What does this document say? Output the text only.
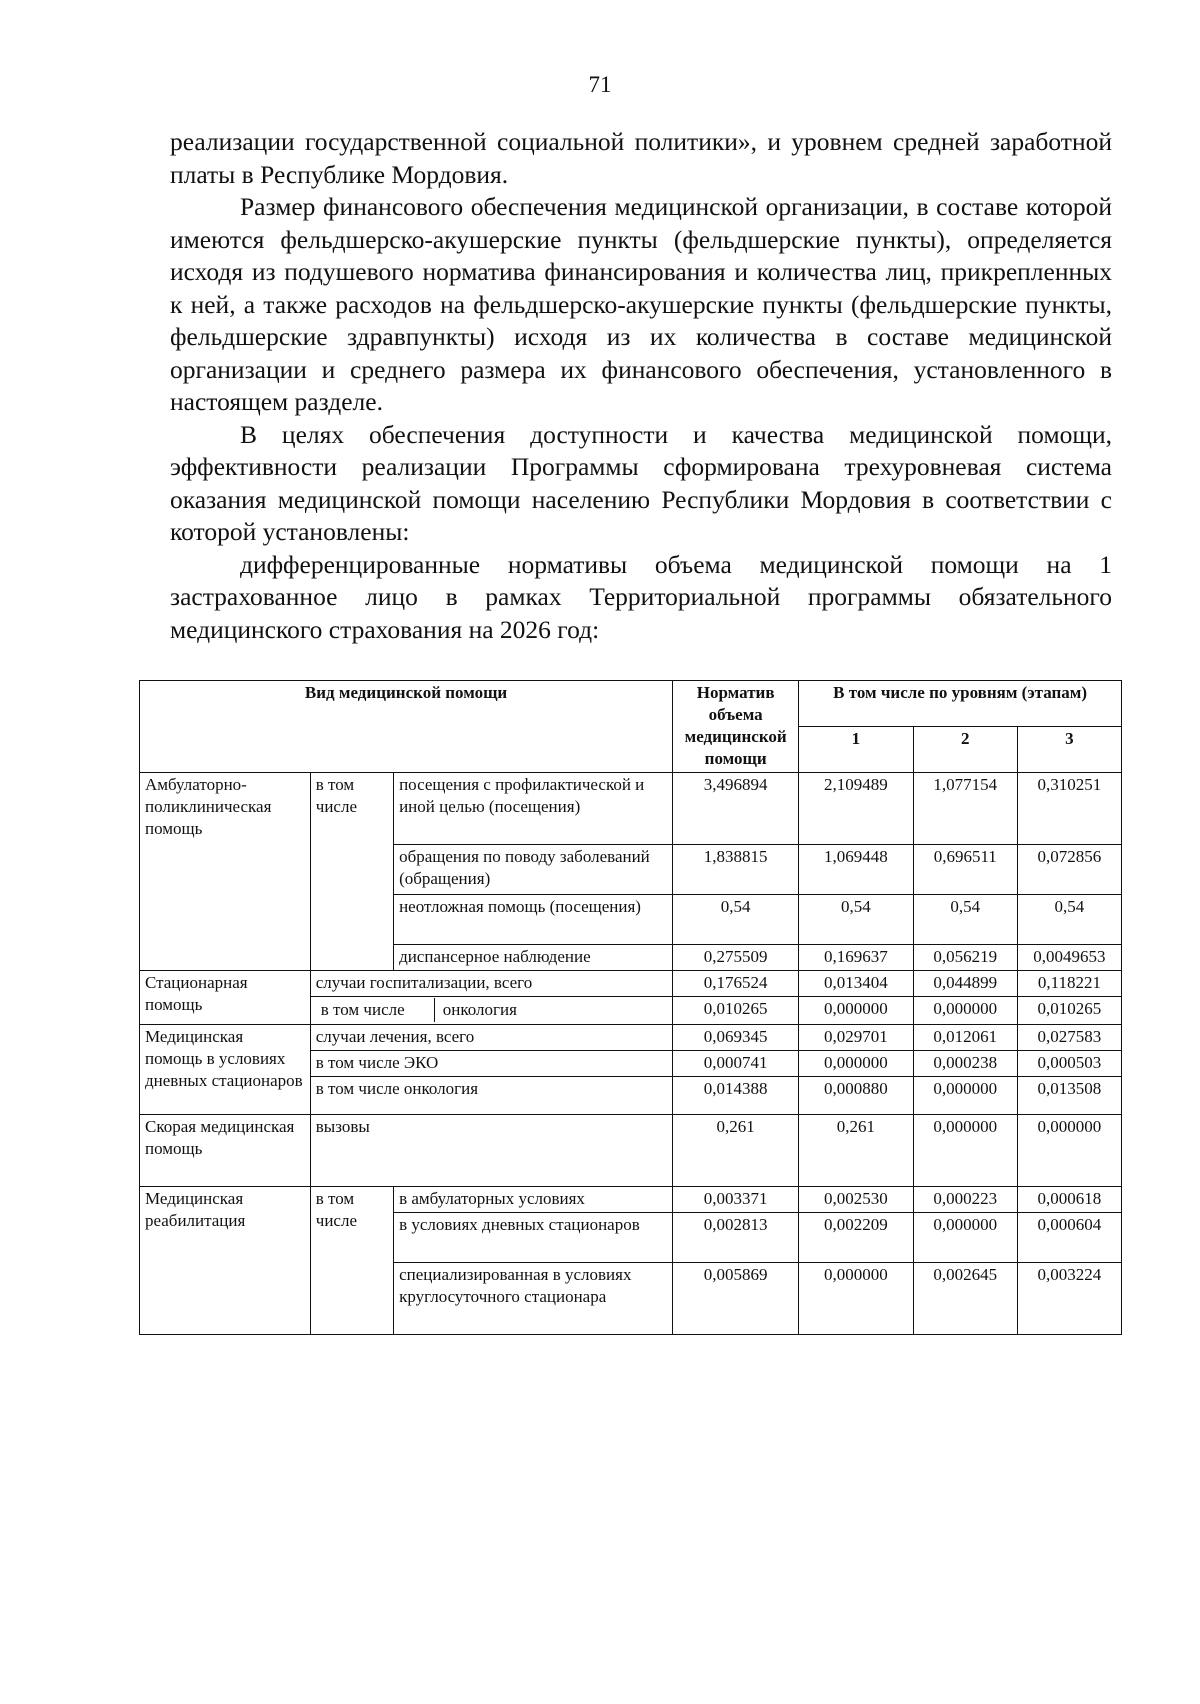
71

реализации государственной социальной политики», и уровнем средней заработной платы в Республике Мордовия.

Размер финансового обеспечения медицинской организации, в составе которой имеются фельдшерско-акушерские пункты (фельдшерские пункты), определяется исходя из подушевого норматива финансирования и количества лиц, прикрепленных к ней, а также расходов на фельдшерско-акушерские пункты (фельдшерские пункты, фельдшерские здравпункты) исходя из их количества в составе медицинской организации и среднего размера их финансового обеспечения, установленного в настоящем разделе.

В целях обеспечения доступности и качества медицинской помощи, эффективности реализации Программы сформирована трехуровневая система оказания медицинской помощи населению Республики Мордовия в соответствии с которой установлены:

дифференцированные нормативы объема медицинской помощи на 1 застрахованное лицо в рамках Территориальной программы обязательного медицинского страхования на 2026 год:

Вид медицинской помощи			Норматив объема медицинской помощи	В том числе по уровням (этапам)		
				1	2	3
Амбулаторно-поликлиническая помощь	в том числе	посещения с профилактической и иной целью (посещения)	3,496894	2,109489	1,077154	0,310251
		обращения по поводу заболеваний (обращения)	1,838815	1,069448	0,696511	0,072856
		неотложная помощь (посещения)	0,54	0,54	0,54	0,54
		диспансерное наблюдение	0,275509	0,169637	0,056219	0,0049653
Стационарная помощь	случаи госпитализации, всего		0,176524	0,013404	0,044899	0,118221

	в том числе онкология		0,010265	0,000000	0,000000	0,010265
Медицинская помощь в условиях дневных стационаров	случаи лечения, всего		0,069345	0,029701	0,012061	0,027583
	в том числе ЭКО		0,000741	0,000000	0,000238	0,000503
	в том числе онкология		0,014388	0,000880	0,000000	0,013508
Скорая медицинская помощь	вызовы		0,261	0,261	0,000000	0,000000
Медицинская реабилитация	в том числе	в амбулаторных условиях	0,003371	0,002530	0,000223	0,000618
		в условиях дневных стационаров	0,002813	0,002209	0,000000	0,000604
		специализированная в условиях круглосуточного стационара	0,005869	0,000000	0,002645	0,003224
